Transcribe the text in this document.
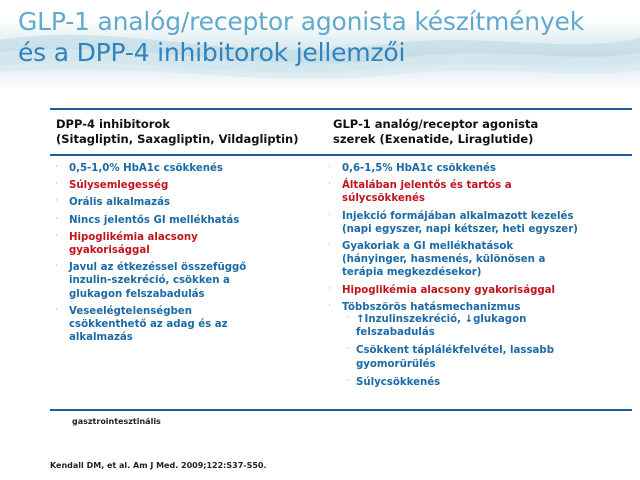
GLP-1 analóg/receptor agonista készítmények
és a DPP-4 inhibitorok jellemzői
DPP-4 inhibitorok
(Sitagliptin, Saxagliptin, Vildagliptin)
GLP-1 analóg/receptor agonista
szerek (Exenatide, Liraglutide)
· 0,5-1,0% HbA1c csökkenés
· Súlysemlegesség
· Orális alkalmazás
· Nincs jelentős GI mellékhatás
· Hipoglikémia alacsony gyakorisággal
· Javul az étkezéssel összefüggő inzulin-szekréció, csökken a glukagon felszabadulás
· Veseelégtelenségben csökkenthető az adag és az alkalmazás
· 0,6-1,5% HbA1c csökkenés
· Általában jelentős és tartós a súlycsökkenés
· Injekció formájában alkalmazott kezelés (napi egyszer, napi kétszer, heti egyszer)
· Gyakoriak a GI mellékhatások (hányinger, hasmenés, különösen a terápia megkezdésekor)
· Hipoglikémia alacsony gyakorisággal
· Többszörös hatásmechanizmus
· ↑Inzulinszekréció, ↓glukagon felszabadulás
· Csökkent táplálékfelvétel, lassabb gyomorürülés
· Súlycsökkenés
gasztrointesztinális
Kendall DM, et al. Am J Med. 2009;122:S37-S50.
